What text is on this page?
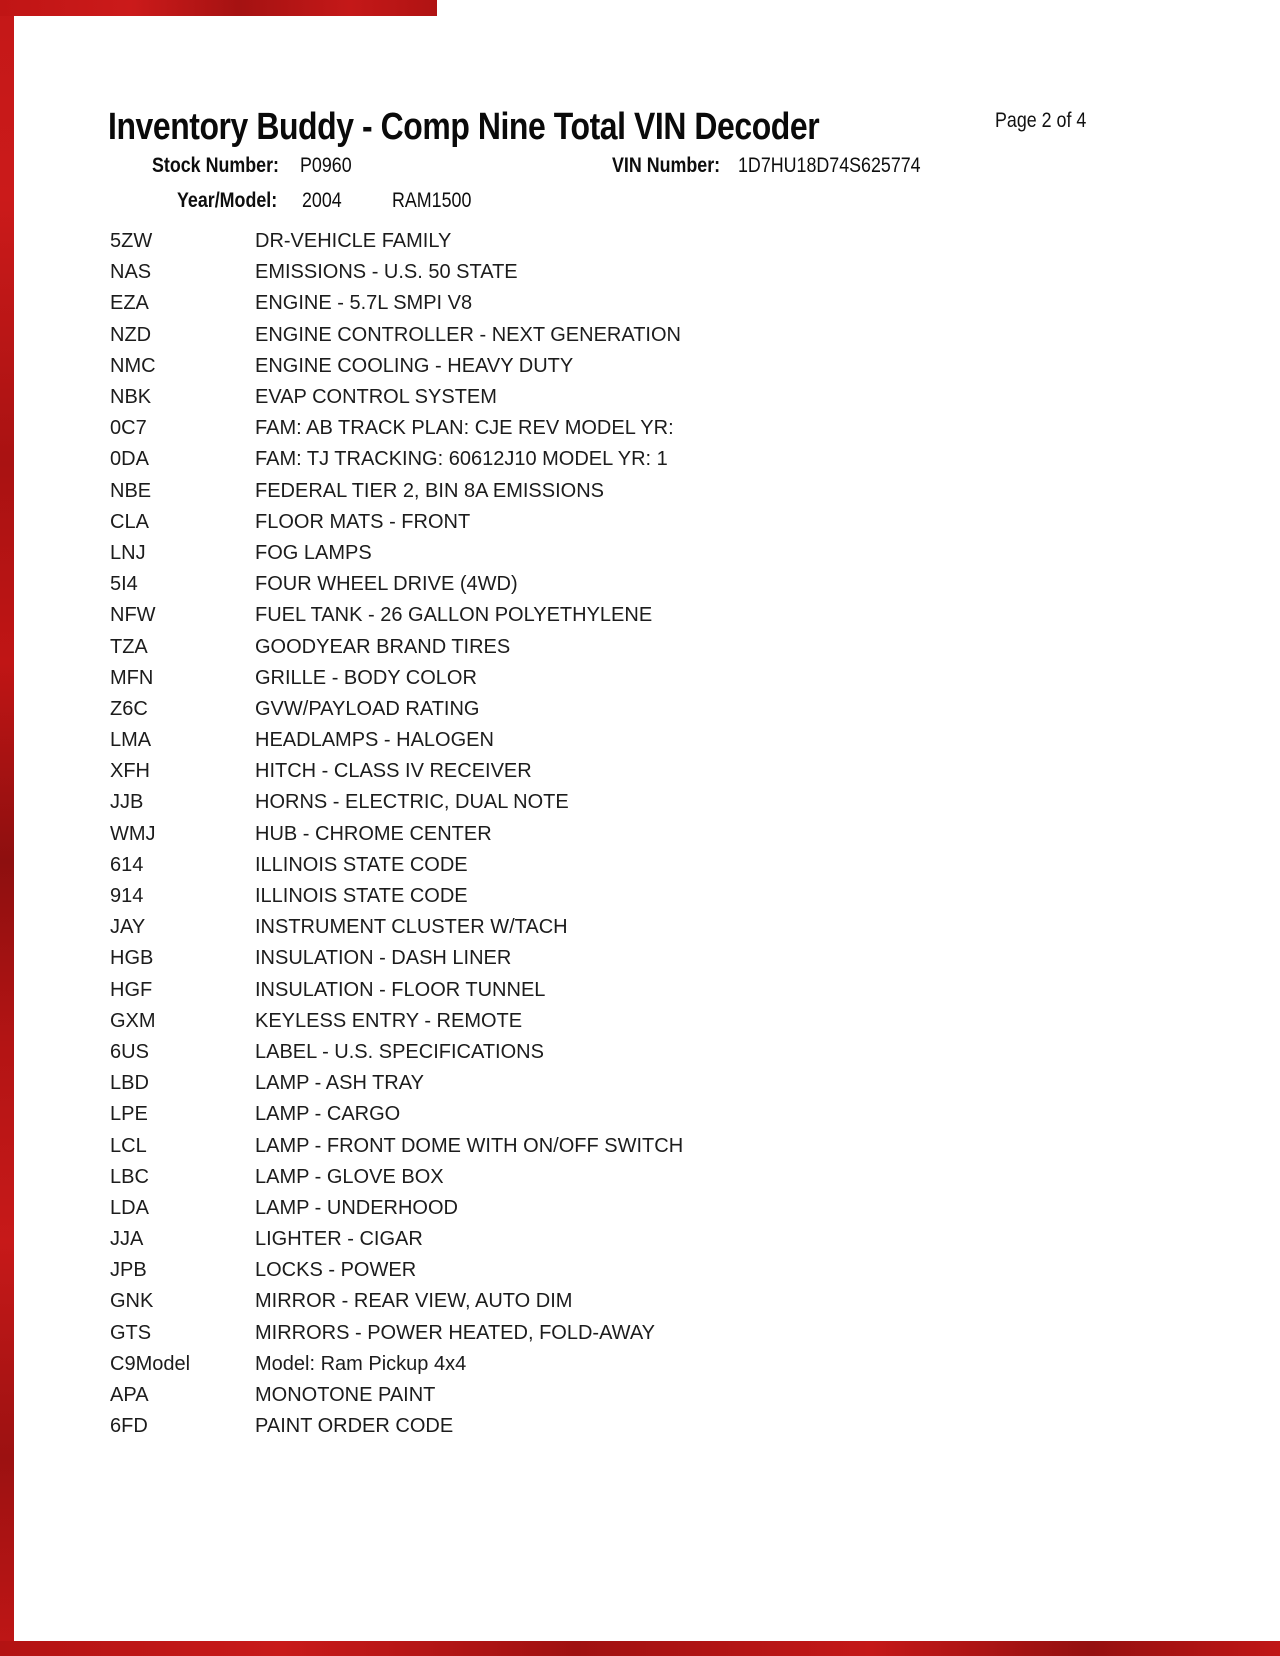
Inventory Buddy - Comp Nine Total VIN Decoder	Page 2 of 4
Stock Number:	P0960	VIN Number: 1D7HU18D74S625774
Year/Model:	2004	RAM1500
5ZW	DR-VEHICLE FAMILY
NAS	EMISSIONS - U.S. 50 STATE
EZA	ENGINE - 5.7L SMPI V8
NZD	ENGINE CONTROLLER - NEXT GENERATION
NMC	ENGINE COOLING - HEAVY DUTY
NBK	EVAP CONTROL SYSTEM
0C7	FAM: AB TRACK PLAN: CJE REV MODEL YR:
0DA	FAM: TJ TRACKING: 60612J10 MODEL YR: 1
NBE	FEDERAL TIER 2, BIN 8A EMISSIONS
CLA	FLOOR MATS - FRONT
LNJ	FOG LAMPS
5I4	FOUR WHEEL DRIVE (4WD)
NFW	FUEL TANK - 26 GALLON POLYETHYLENE
TZA	GOODYEAR BRAND TIRES
MFN	GRILLE - BODY COLOR
Z6C	GVW/PAYLOAD RATING
LMA	HEADLAMPS - HALOGEN
XFH	HITCH - CLASS IV RECEIVER
JJB	HORNS - ELECTRIC, DUAL NOTE
WMJ	HUB - CHROME CENTER
614	ILLINOIS STATE CODE
914	ILLINOIS STATE CODE
JAY	INSTRUMENT CLUSTER W/TACH
HGB	INSULATION - DASH LINER
HGF	INSULATION - FLOOR TUNNEL
GXM	KEYLESS ENTRY - REMOTE
6US	LABEL - U.S. SPECIFICATIONS
LBD	LAMP - ASH TRAY
LPE	LAMP - CARGO
LCL	LAMP - FRONT DOME WITH ON/OFF SWITCH
LBC	LAMP - GLOVE BOX
LDA	LAMP - UNDERHOOD
JJA	LIGHTER - CIGAR
JPB	LOCKS - POWER
GNK	MIRROR - REAR VIEW, AUTO DIM
GTS	MIRRORS - POWER HEATED, FOLD-AWAY
C9Model	Model: Ram Pickup 4x4
APA	MONOTONE PAINT
6FD	PAINT ORDER CODE
